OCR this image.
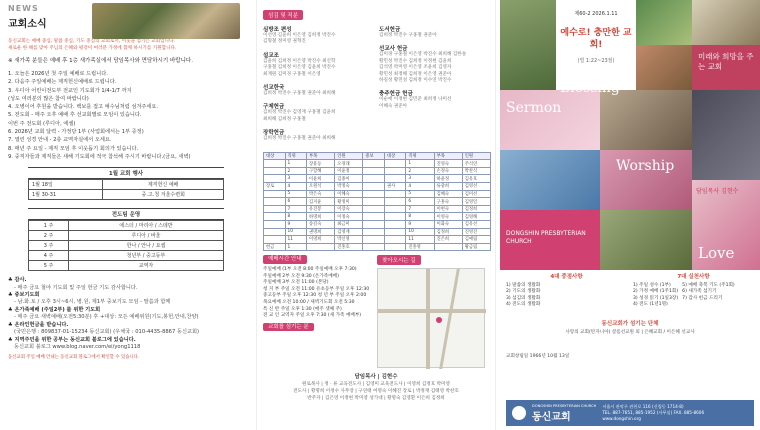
NEWS
교회소식
동신교회는 예배 중심, 말씀 중심, 기도 중심의 교회로서, 이웃을 섬기는 교회입니다.
새로운 한 해를 맞아 주님의 은혜와 평강이 여러분 가정에 함께 하시기를 기원합니다.
※ 새가족 분들은 예배 후 1층 새가족실에서 담임목사와 면담하시기 바랍니다.
1. 오늘은 2026년 첫 주일 예배로 드립니다.
2. 다음주 주일예배는 제직헌신예배로 드립니다.
3. 우디아 어린이전도부 전교인 기도회가 1/4-1/7 까지
(성도 여러분의 많은 참여 바랍니다)
4. 오병이어 후원을 받습니다. 백보를 접고 예수님처럼 섬겨주세요.
5. 전도회 - 매주 오후 예배 후 선교회별로 모임이 있습니다.
이번 주 전도회 (루디아, 에셀)
6. 2026년 교회 달력 - 가정당 1부 (사업회에서는 1부 증정)
7. 열린 성경 안내 - 2층 교역자실에서 오세요.
8. 매년 주 요일 - 제직 모임 후 이웃돕기 회의가 있습니다.
9. 중직자들과 제직들은 새해 기도회에 적극 참석해 주시기 바랍니다.(금요, 새벽)
1월 교회 행사
1월 18일	제직헌신 예배
1월 30-31	중.고.청 겨울수련회
전도팀 운영
1 주	에스더 / 마리아 / 스데반
2 주	루디아 / 바울
3 주	한나 / 안나 / 요셉
4 주	청년부 / 중고등부
5 주	교역자
♣ 감사.
- 매주 금요 철야 기도회 및 주일 헌금 기도 감사합니다.
♣ 중보기도회
- 남.화.토 / 오후 3시~6시, 병.원, 제1부 중보기도 모임 - 말씀과 함께
♣ 온가족예배 (주일2부) 를 위한 기도회
- 매주 금요 새벽예배(오전5:30분) 후 +대상: 모든 예배위원(기도,봉헌,안내,찬양)
♣ 온라인헌금을 받습니다.
(국민은행 : 809837-01-15234 동신교회) (우체국 : 010-4435-8867 동신교회)
♣ 지역주민을 위한 공부는 동신교회 블로그에 있습니다.
동신교회 블로그 www.blog.naver.com/ei/yong1118
동신교회 주일 예배 안내는 동신교회 블로그에서 확인할 수 있습니다.
섬김 및 직분
심방조 편성
이선영 김윤희 이은영 김희정 박진수
김형철 정미영 권혁진
설교조
김윤희 김희정 이은영 박진수 최신학
구홍철 김희정 이은영 김윤희 박진수
최재원 김미경 구홍철 이은영
선교한국
김희정 박진수 구홍철 권준아 최희해
구제헌금
김희정 박진수 김영재 구홍철 김윤희
최희해 김희정 구홍철
장학헌금
김희정 박진수 구홍철 권준아 최희해
도서헌금
김희정 박진수 구홍철 권준아
선교사 헌금
김미경 구홍철 이은영 박진수 최희해 김한솔
황민성 박진수 김희정 이정현 김윤희
김석영 박미영 이은영 조윤희 김영자
황민성 최정해 김희정 이은영 권준아
하길성 황민성 김희정 이수연 박진수
충주헌금 헌금
이순애 이정현 김민준 최희정 나미선
이혜숙 권준아
대상	직위	부목	인원	중보	대상	직위	부목	인원
	1	장용동	오경래			1	진영숙	주석연
	2	구할해	이윤정			2	손정숙	박찬석
	3	이윤희	김종이			3	하윤정	김유호
장로	4	오원석	박정숙		권사	4	류충희	김영선
	5	박은숙	이혜숙			5	김혜숙	김미선
	6	김지윤	황정미			6	구홍숙	김영일
	7	유진봉	이장숙			7	이현숙	김정희
	8	하명희	이정숙			8	이영숙	김영해
	9	송길숙	최금미			9	이화숙	김유선
	10	권명희	김영재			10	김정희	진영진
	11	이영희	박신영			11	진은희	김예림
헌금	1		진홍호			진홍영		황금림
예배시간 안내
주일예배 (1부 오전 8:00 주일예배 오후 7:30)
주일예배 2부 오전 9:30 (온가족예배)
주일예배 3부 오전 11:00 (본당)
청 지 부 주일 오전 11:00 유초등부 주일 오후 12:30
중고등부 주일 오후 12:30 청 년 부 주일 오후 2:00
목요예배 오전 10:00 / 새벽기도회 오전 5:30
특 신 반 주일 오후 1:30 (매주 셋째 주)
전 교 인 교역자 주일 오후 7:30 (새 가족 예배부)
교회를 섬기는 분
찾아오시는 길
담임목사 | 김현수
원로목사 | 정 · 류 교육전도사 | 김영미 교육전도사 | 이영희 김정호 박미영
전도사 | 황명희 이정수 사무장 | 구연태 여명숙 이혜진 장로 | 박정재 김태영 박찬호
반주자 | 김은영 이정현 박미영 성가대 | 황명숙 김영환 이은희 김정희
제60-2 2026.1.11
예수로! 충만한 교회!
(빌 1:22~23절)
Blessing
Sermon
Worship
Love
미래와 희망을 주는 교회
DONGSHIN PRESBYTERIAN CHURCH
담임목사 김현수
4대 중점사항
1) 말씀의 생활화
2) 기도의 생활화
3) 섬김의 생활화
4) 전도의 생활화
7대 실천사항
1) 주일 성수 (1부)
2) 가정 예배 (1주1회)
3) 성경 읽기 (1일3장)
4) 전도 (1년1명)
5) 예배 축복 기도 (주1회)
6) 새가족 섬기기
7) 감사 헌금 드리기
동신교회가 섬기는 단체
사랑의 교회(탄자니아) 샬롬선교원 외 | 은혜교회 / 이은혜 선교사
교회창립일 1966년 10월 13일
DONGSHIN PRESBYTERIAN CHURCH
동신교회
서울시 관악구 관천로 116 (신림동 1714-8)
TEL. 887-7651, 885-1952 (사무실) FAX. 885-8606
www.dongshin.org
